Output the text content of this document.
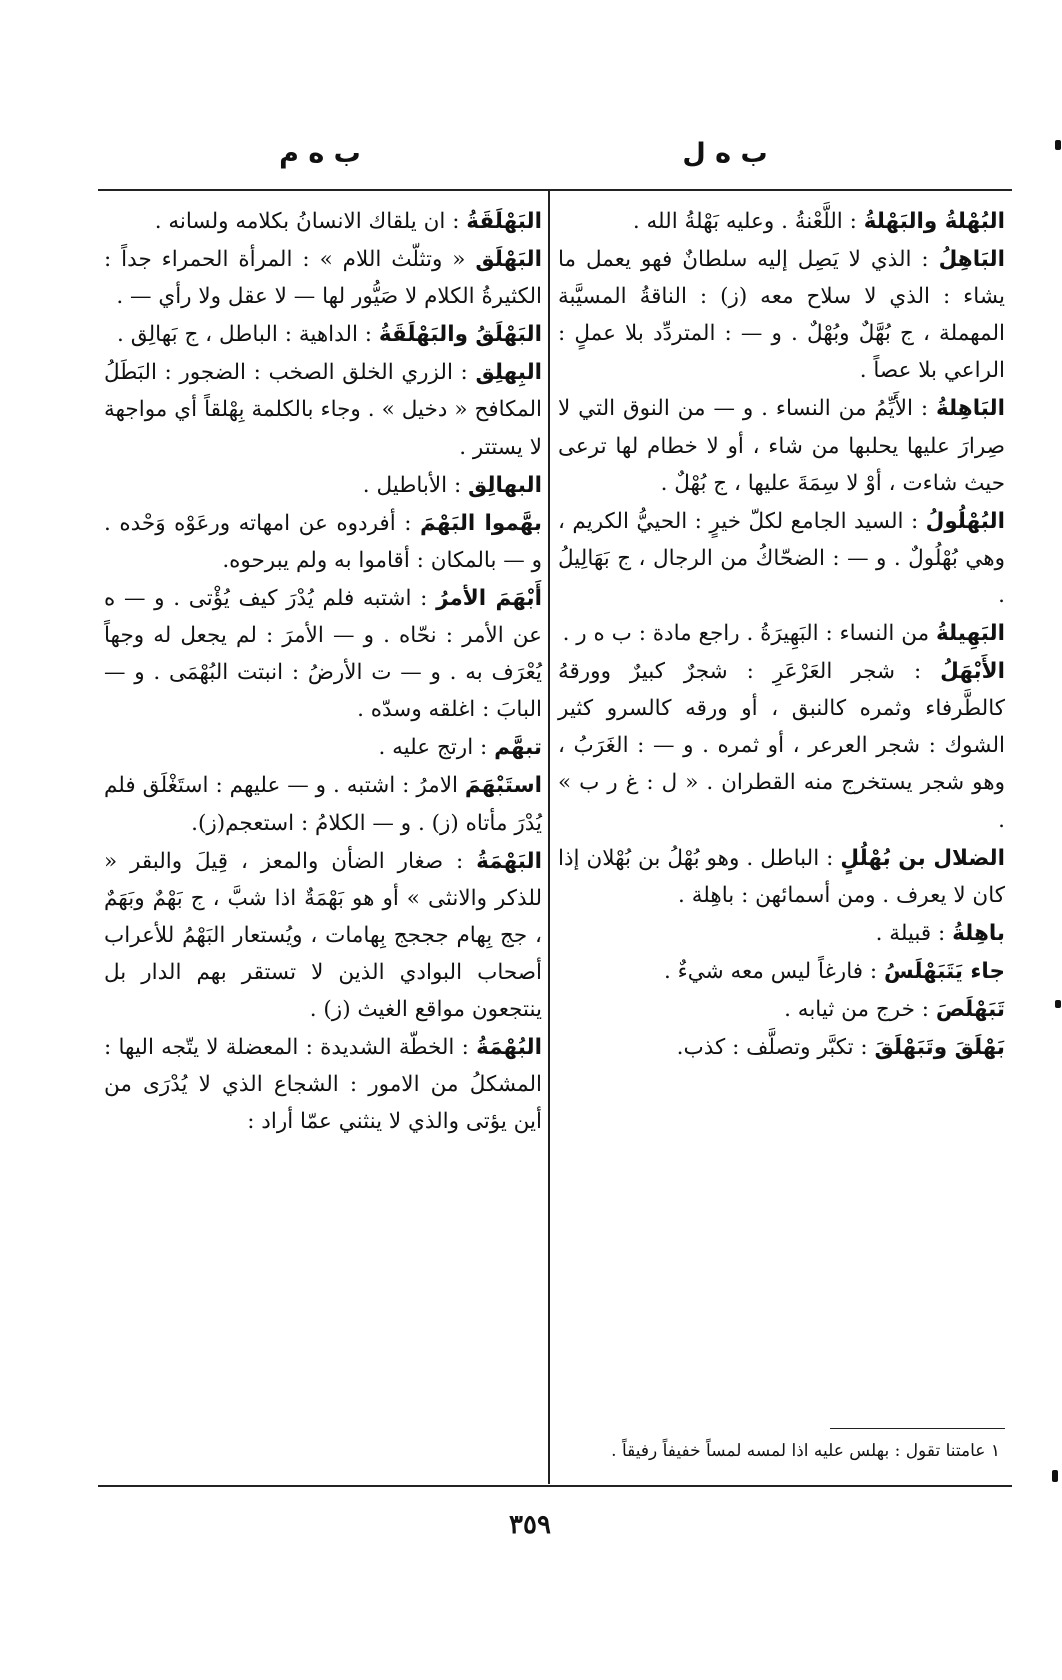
ب ه ل
ب ه م
البُهْلةُ والبَهْلةُ : اللَّعْنةُ . وعليه بَهْلةُ الله .
البَاهِلُ : الذي لا يَصِل إليه سلطانٌ فهو يعمل ما يشاء : الذي لا سلاح معه (ز) : الناقةُ المسيَّبة المهملة ، ج بُهَّلٌ وبُهْلٌ . و — : المتردِّد بلا عملٍ : الراعي بلا عصاً .
البَاهِلةُ : الأَيِّمُ من النساء . و — من النوق التي لا صِرارَ عليها يحلبها من شاء ، أو لا خطام لها ترعى حيث شاءت ، أوْ لا سِمَةَ عليها ، ج بُهْلٌ .
البُهْلُولُ : السيد الجامع لكلّ خيرٍ : الحييُّ الكريم ، وهي بُهْلُولٌ . و — : الضحّاكُ من الرجال ، ج بَهَالِيلُ .
البَهِيلةُ من النساء : البَهِيرَةُ . راجع مادة : ب ه ر .
الأَبْهَلُ : شجر العَرْعَرِ : شجرٌ كبيرٌ وورقهُ كالطَّرفاء وثمره كالنبق ، أو ورقه كالسرو كثير الشوك : شجر العرعر ، أو ثمره . و — : الغَرَبُ ، وهو شجر يستخرج منه القطران . « ل : غ ر ب » .
الضلال بن بُهْلُلٍ : الباطل . وهو بُهْلُ بن بُهْلان إذا كان لا يعرف . ومن أسمائهن : باهِلة .
باهِلةُ : قبيلة .
جاء يَتَبَهْلَسُ : فارغاً ليس معه شيءٌ .
تَبَهْلَصَ : خرج من ثيابه .
بَهْلَقَ وتَبَهْلَقَ : تكبَّر وتصلَّف : كذب.
البَهْلَقَةُ : ان يلقاك الانسانُ بكلامه ولسانه .
البَهْلَق « وتثلّث اللام » : المرأة الحمراء جداً : الكثيرةُ الكلام لا صَيُّور لها — لا عقل ولا رأي — .
البَهْلَقُ والبَهْلَقَةُ : الداهية : الباطل ، ج بَهالِق .
البِهلِق : الزري الخلق الصخب : الضجور : البَطَلُ المكافح « دخيل » . وجاء بالكلمة بِهْلقاً أي مواجهة لا يستتر .
البهالِق : الأباطيل .
بهَّموا البَهْمَ : أفردوه عن امهاته ورعَوْه وَحْده . و — بالمكان : أقاموا به ولم يبرحوه.
أَبْهَمَ الأمرُ : اشتبه فلم يُدْرَ كيف يُؤْتى . و — ه عن الأمر : نحّاه . و — الأمرَ : لم يجعل له وجهاً يُعْرَف به . و — ت الأرضُ : انبتت البُهْمَى . و — البابَ : اغلقه وسدّه .
تبهَّم : ارتج عليه .
استَبْهَمَ الامرُ : اشتبه . و — عليهم : استَغْلَق فلم يُدْرَ مأتاه (ز) . و — الكلامُ : استعجم(ز).
البَهْمَةُ : صغار الضأن والمعز ، قِيلَ والبقر « للذكر والانثى » أو هو بَهْمَةٌ اذا شبَّ ، ج بَهْمٌ وبَهَمٌ ، جج بِهام جججج بِهامات ، ويُستعار البَهْمُ للأعراب أصحاب البوادي الذين لا تستقر بهم الدار بل ينتجعون مواقع الغيث (ز) .
البُهْمَةُ : الخطّة الشديدة : المعضلة لا يتّجه اليها : المشكلُ من الامور : الشجاع الذي لا يُدْرَى من أين يؤتى والذي لا ينثني عمّا أراد :
١ عامتنا تقول : بهلس عليه اذا لمسه لمساً خفيفاً رفيقاً .
٣٥٩
